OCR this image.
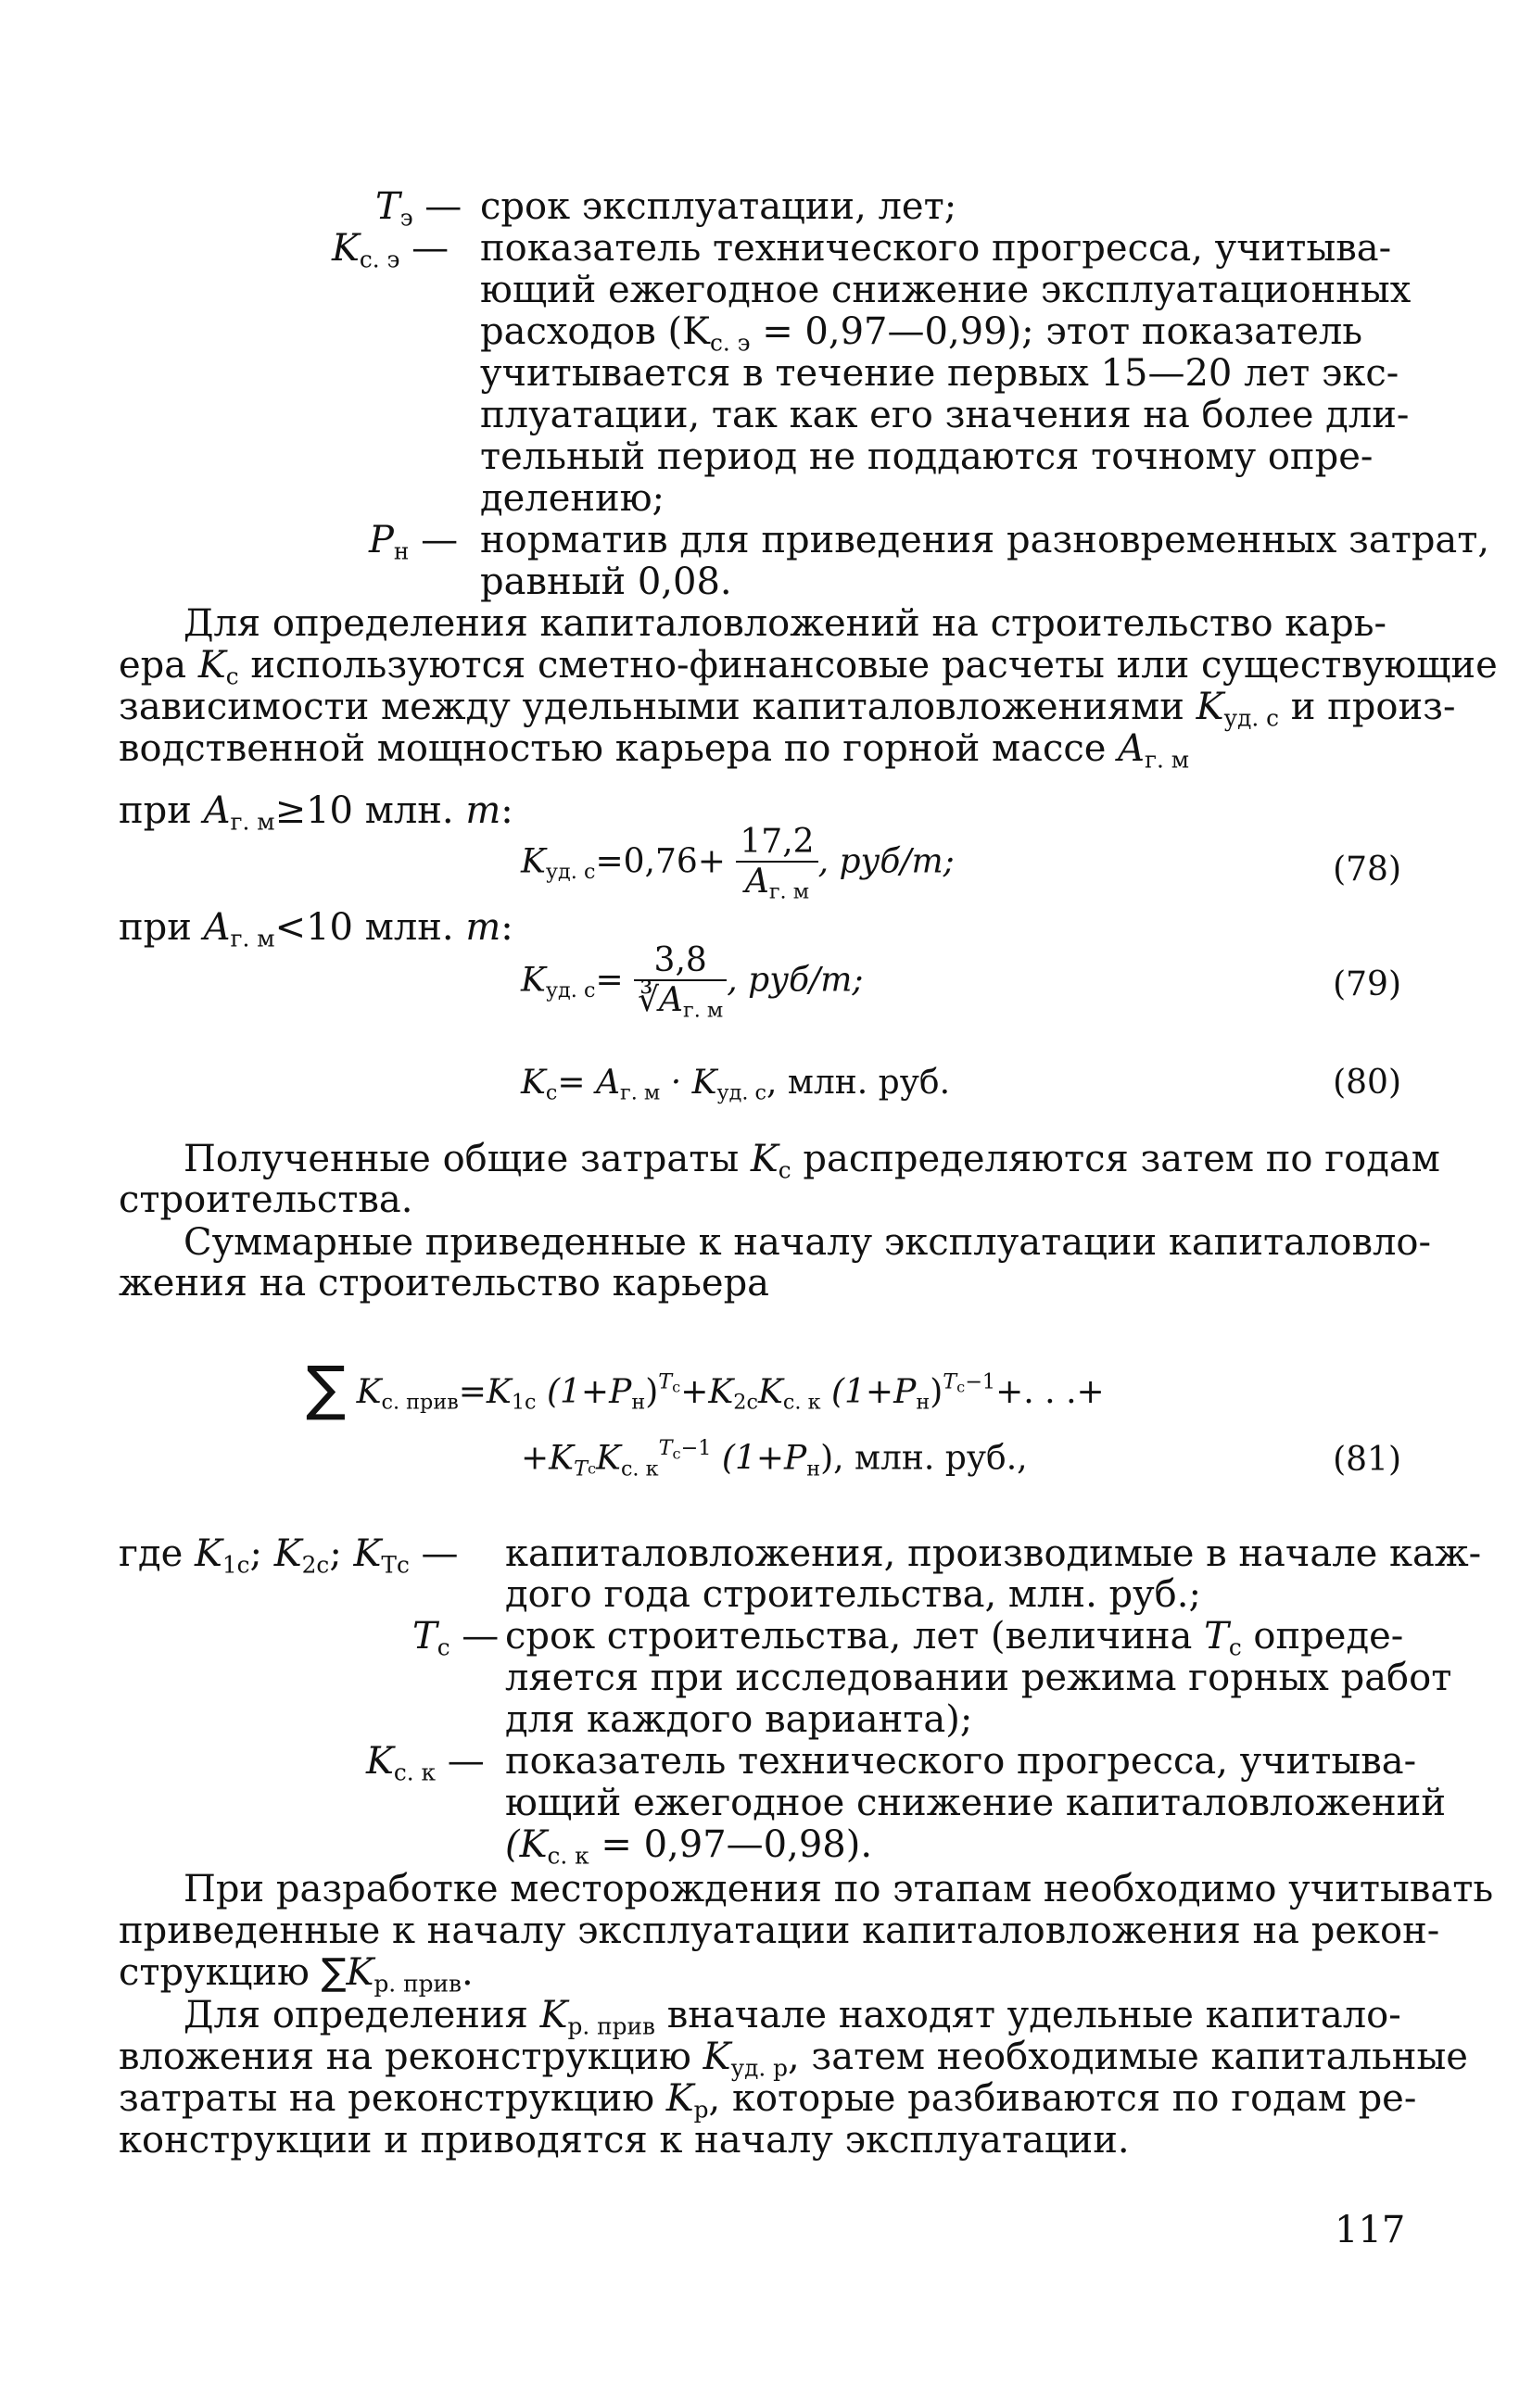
$T_э$ — срок эксплуатации, лет;
$K_{с. э}$ — показатель технического прогресса, учитыва-
ющий ежегодное снижение эксплуатационных
расходов ($K_{с. э}$ = 0,97—0,99); этот показатель
учитывается в течение первых 15—20 лет экс-
плуатации, так как его значения на более дли-
тельный период не поддаются точному опре-
делению;
$P_н$ — норматив для приведения разновременных затрат,
равный 0,08.
Для определения капиталовложений на строительство карь-
ера $K_с$ используются сметно-финансовые расчеты или существующие
зависимости между удельными капиталовложениями $K_{уд. с}$ и произ-
водственной мощностью карьера по горной массе $A_{г. м}$
при $A_{г. м}\ge 10$ млн. т:
$K_{уд. с}=0,76+ \frac{17,2}{A_{г. м}}$ , руб/т;	(78)
при $A_{г. м}<10$ млн. т:
$K_{уд. с}= \frac{3,8}{∛A_{г. м}}$ , руб/т;	(79)
$K_с= A_{г. м} \cdot K_{уд. с}$, млн. руб.	(80)
Полученные общие затраты $K_с$ распределяются затем по годам
строительства.
Суммарные приведенные к началу эксплуатации капиталовло-
жения на строительство карьера
∑ $K_{с. прив}=K_{1с}$ $(1+P_н)^{Tс}+K_{2с}K_{с. к}$ $(1+P_н)^{Tс-1}+$. . .+
$+K_{Tс}K_{с. к}^{Tс-1}$ $(1+P_н)$, млн. руб.,	(81)
где $K_{1с}$; $K_{2с}$; $K_{Tс}$ — капиталовложения, производимые в начале каж-
дого года строительства, млн. руб.;
$T_с$ — срок строительства, лет (величина $T_с$ опреде-
ляется при исследовании режима горных работ
для каждого варианта);
$K_{с. к}$ — показатель технического прогресса, учитыва-
ющий ежегодное снижение капиталовложений
($K_{с. к}$ = 0,97—0,98).
При разработке месторождения по этапам необходимо учитывать
приведенные к началу эксплуатации капиталовложения на рекон-
струкцию $\sum K_{р. прив}$.
Для определения $K_{р. прив}$ вначале находят удельные капитало-
вложения на реконструкцию $K_{уд. р}$, затем необходимые капитальные
затраты на реконструкцию $K_р$, которые разбиваются по годам ре-
конструкции и приводятся к началу эксплуатации.
117
